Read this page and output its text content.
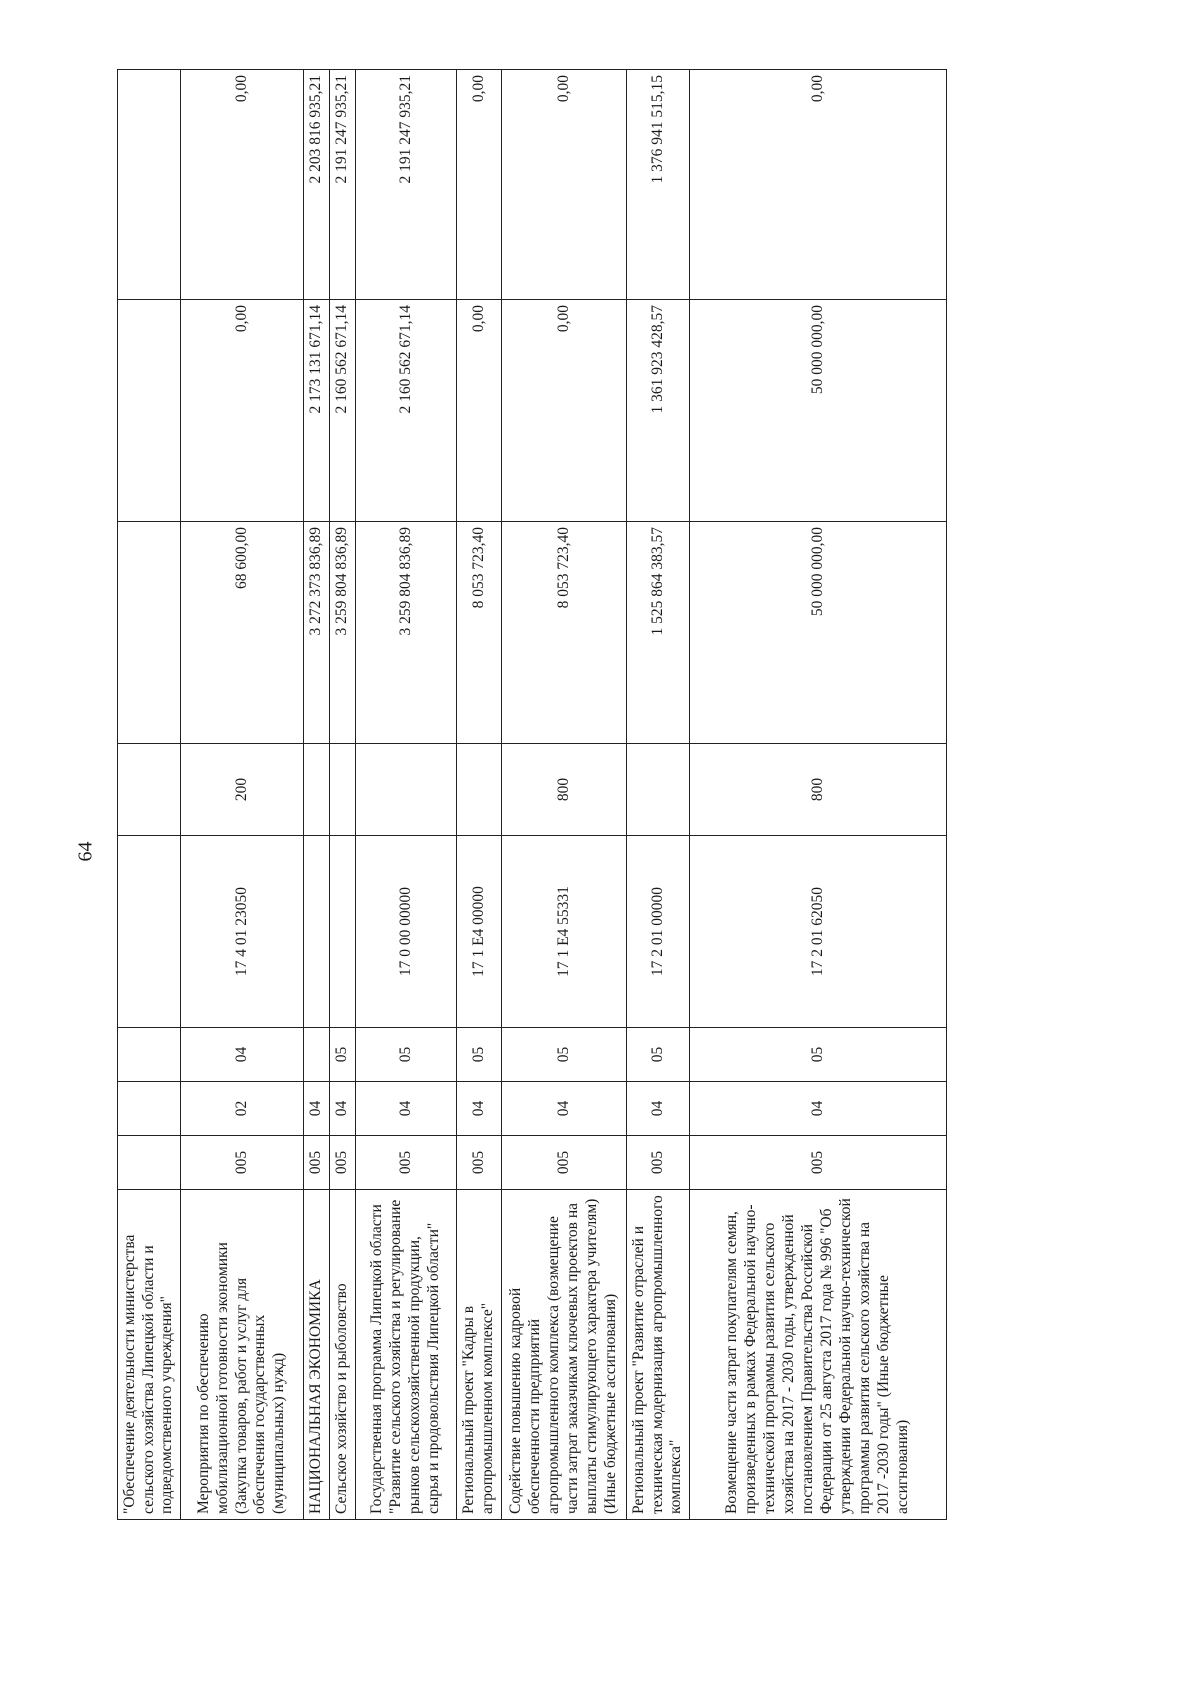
64
"Обеспечение деятельности министерства сельского хозяйства Липецкой области и подведомственного учреждения"								
Мероприятия по обеспечению мобилизационной готовности экономики (Закупка товаров, работ и услуг для обеспечения государственных (муниципальных) нужд)	005	02	04	17 4 01 23050	200	68 600,00	0,00	0,00
НАЦИОНАЛЬНАЯ ЭКОНОМИКА	005	04				3 272 373 836,89	2 173 131 671,14	2 203 816 935,21
Сельское хозяйство и рыболовство	005	04	05			3 259 804 836,89	2 160 562 671,14	2 191 247 935,21
Государственная программа Липецкой области "Развитие сельского хозяйства и регулирование рынков сельскохозяйственной продукции, сырья и продовольствия Липецкой области"	005	04	05	17 0 00 00000		3 259 804 836,89	2 160 562 671,14	2 191 247 935,21
Региональный проект "Кадры в агропромышленном комплексе"	005	04	05	17 1 E4 00000		8 053 723,40	0,00	0,00
Содействие повышению кадровой обеспеченности предприятий агропромышленного комплекса (возмещение части затрат заказчикам ключевых проектов на выплаты стимулирующего характера учителям) (Иные бюджетные ассигнования)	005	04	05	17 1 E4 55331	800	8 053 723,40	0,00	0,00
Региональный проект "Развитие отраслей и техническая модернизация агропромышленного комплекса"	005	04	05	17 2 01 00000		1 525 864 383,57	1 361 923 428,57	1 376 941 515,15
Возмещение части затрат покупателям семян, произведенных в рамках Федеральной научно-технической программы развития сельского хозяйства на 2017 - 2030 годы, утвержденной постановлением Правительства Российской Федерации от 25 августа 2017 года № 996 "Об утверждении Федеральной научно-технической программы развития сельского хозяйства на 2017 -2030 годы" (Иные бюджетные ассигнования)	005	04	05	17 2 01 62050	800	50 000 000,00	50 000 000,00	0,00
